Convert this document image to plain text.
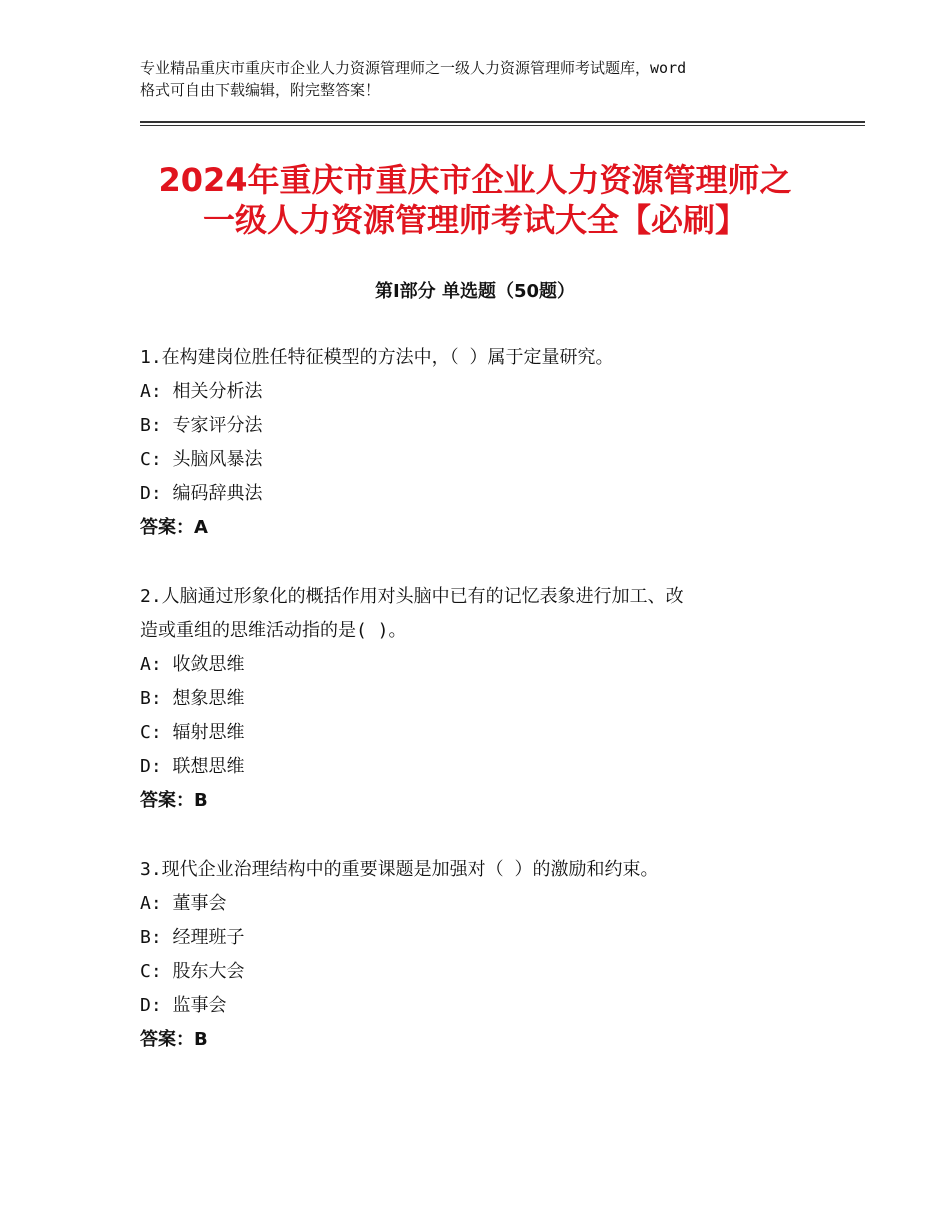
专业精品重庆市重庆市企业人力资源管理师之一级人力资源管理师考试题库，word
格式可自由下载编辑，附完整答案！
2024年重庆市重庆市企业人力资源管理师之
一级人力资源管理师考试大全【必刷】
第Ⅰ部分 单选题（50题）
1.在构建岗位胜任特征模型的方法中，（ ）属于定量研究。
A: 相关分析法
B: 专家评分法
C: 头脑风暴法
D: 编码辞典法
答案：A
2.人脑通过形象化的概括作用对头脑中已有的记忆表象进行加工、改
造或重组的思维活动指的是( )。
A: 收敛思维
B: 想象思维
C: 辐射思维
D: 联想思维
答案：B
3.现代企业治理结构中的重要课题是加强对（ ）的激励和约束。
A: 董事会
B: 经理班子
C: 股东大会
D: 监事会
答案：B
